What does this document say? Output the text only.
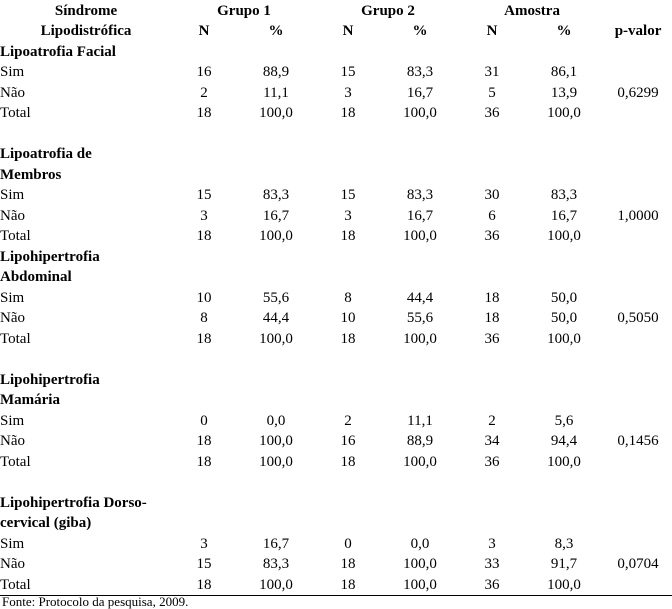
Síndrome	Grupo 1		Grupo 2		Amostra		
Lipodistrófica	N	%	N	%	N	%	p-valor
Lipoatrofia Facial							
Sim	16	88,9	15	83,3	31	86,1	
Não	2	11,1	3	16,7	5	13,9	0,6299
Total	18	100,0	18	100,0	36	100,0	

Lipoatrofia de							
Membros							
Sim	15	83,3	15	83,3	30	83,3	
Não	3	16,7	3	16,7	6	16,7	1,0000
Total	18	100,0	18	100,0	36	100,0	
Lipohipertrofia							
Abdominal							
Sim	10	55,6	8	44,4	18	50,0	
Não	8	44,4	10	55,6	18	50,0	0,5050
Total	18	100,0	18	100,0	36	100,0	

Lipohipertrofia							
Mamária							
Sim	0	0,0	2	11,1	2	5,6	
Não	18	100,0	16	88,9	34	94,4	0,1456
Total	18	100,0	18	100,0	36	100,0	

Lipohipertrofia Dorso-							
cervical (giba)							
Sim	3	16,7	0	0,0	3	8,3	
Não	15	83,3	18	100,0	33	91,7	0,0704
Total	18	100,0	18	100,0	36	100,0	
Fonte: Protocolo da pesquisa, 2009.
